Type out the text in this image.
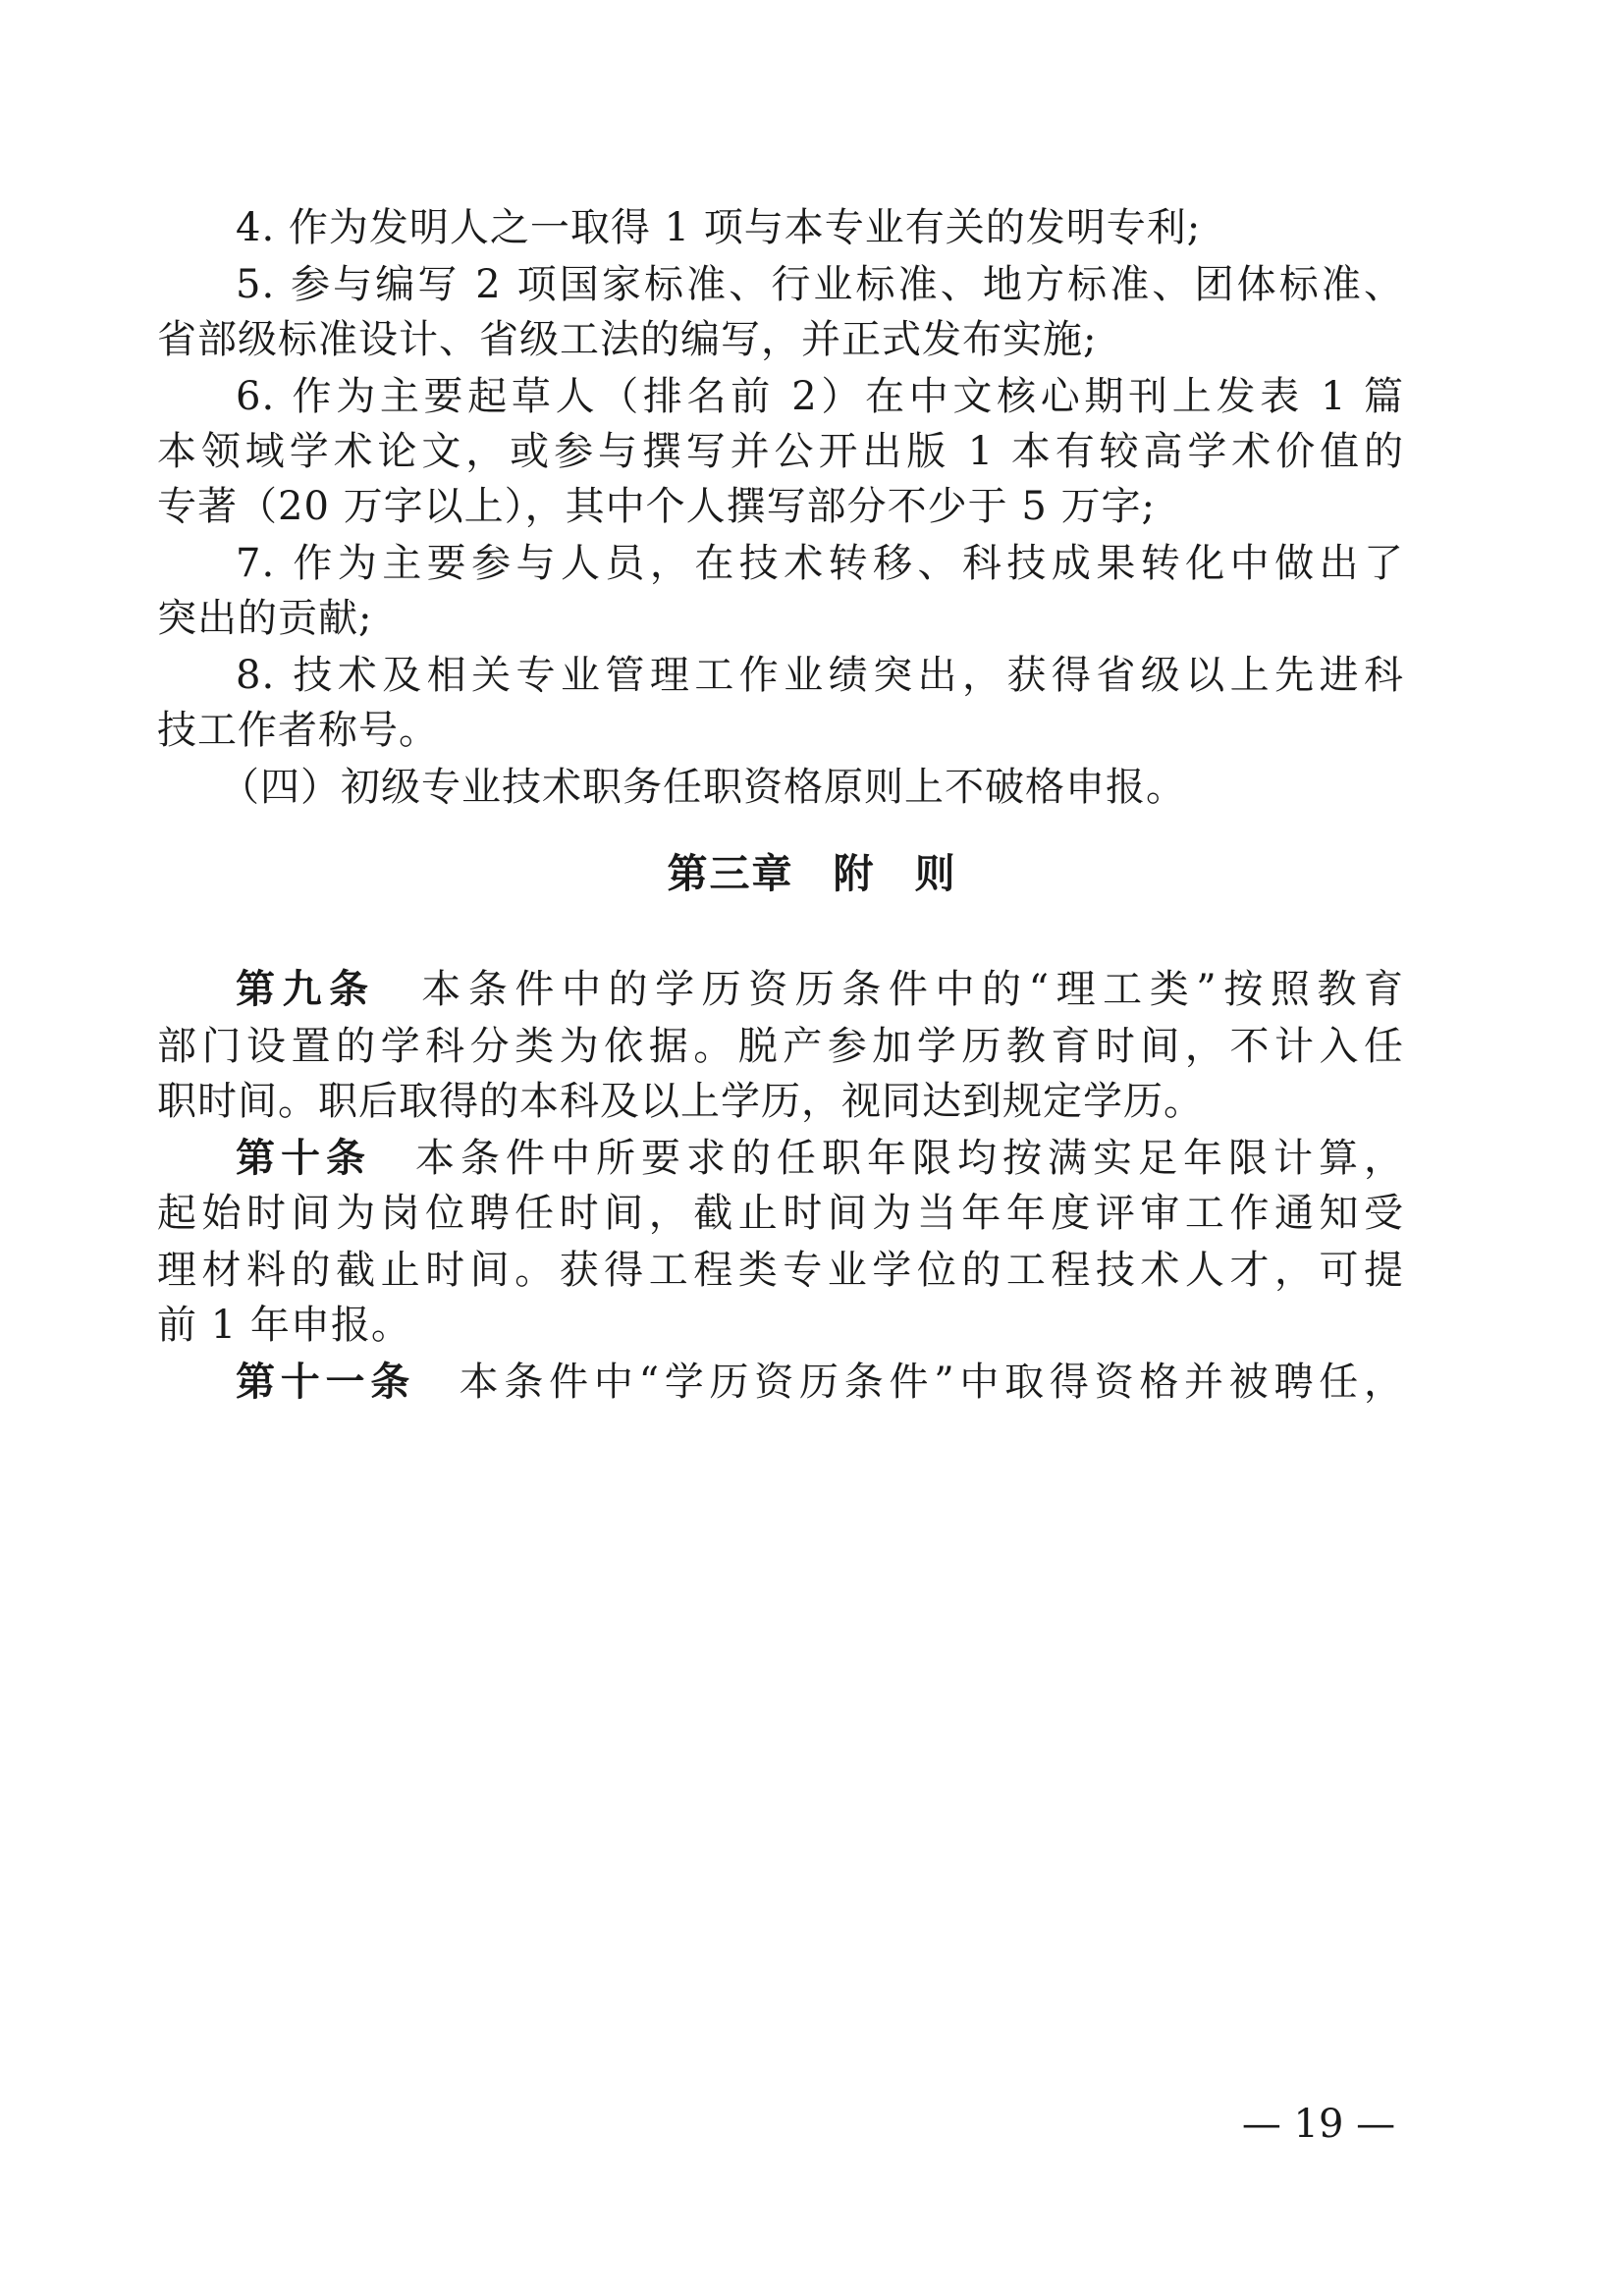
4. 作为发明人之一取得 1 项与本专业有关的发明专利;
5. 参与编写 2 项国家标准、行业标准、地方标准、团体标准、
省部级标准设计、省级工法的编写，并正式发布实施;
6. 作为主要起草人（排名前 2）在中文核心期刊上发表 1 篇
本领域学术论文，或参与撰写并公开出版 1 本有较高学术价值的
专著（20 万字以上），其中个人撰写部分不少于 5 万字;
7. 作为主要参与人员，在技术转移、科技成果转化中做出了
突出的贡献;
8. 技术及相关专业管理工作业绩突出，获得省级以上先进科
技工作者称号。
（四）初级专业技术职务任职资格原则上不破格申报。
第三章 附 则
第九条 本条件中的学历资历条件中的“理工类”按照教育
部门设置的学科分类为依据。脱产参加学历教育时间，不计入任
职时间。职后取得的本科及以上学历，视同达到规定学历。
第十条 本条件中所要求的任职年限均按满实足年限计算，
起始时间为岗位聘任时间，截止时间为当年年度评审工作通知受
理材料的截止时间。获得工程类专业学位的工程技术人才，可提
前 1 年申报。
第十一条 本条件中“学历资历条件”中取得资格并被聘任，
— 19 —
